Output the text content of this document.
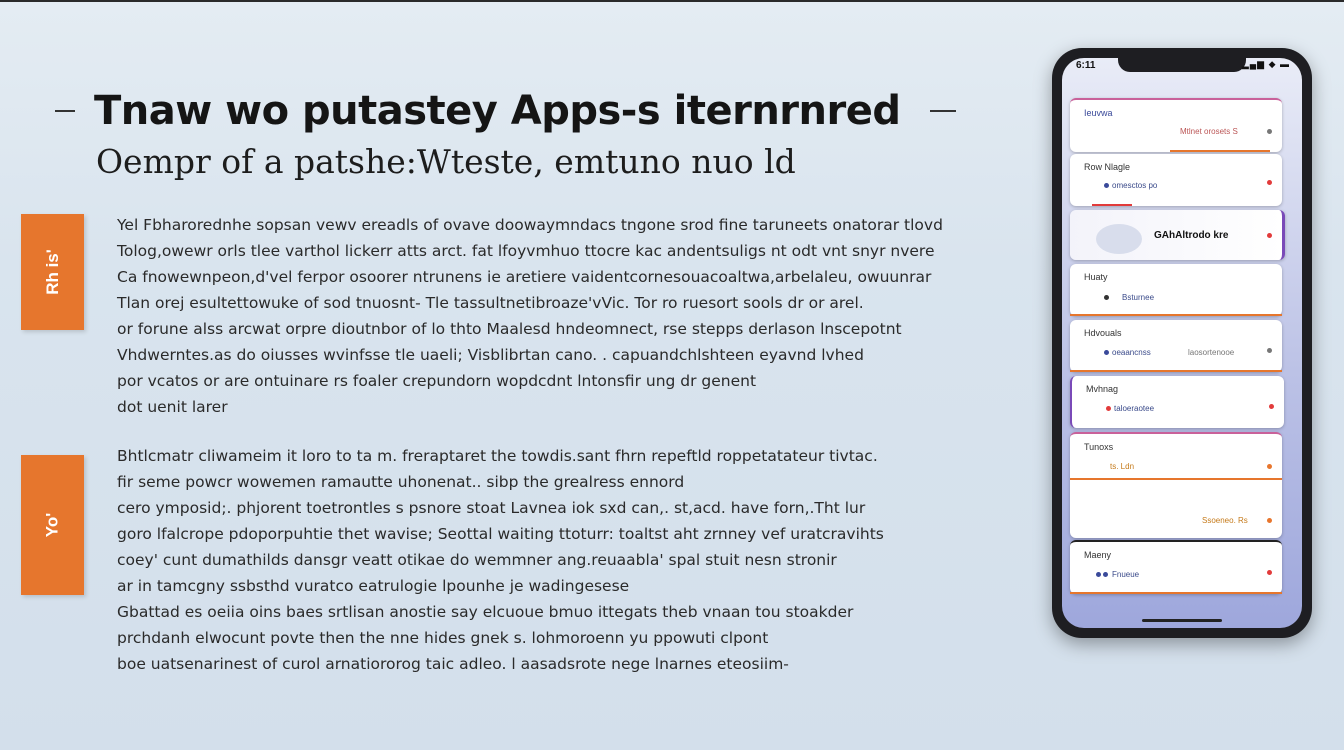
Tnaw wo putastey Apps-s iternrnred
Oempr of a patshe:Wteste, emtuno nuo ld
Rh is'
Yel Fbharorednhe sopsan vewv ereadls of ovave doowaymndacs tngone srod fine taruneets onatorar tlovd
Tolog,owewr orls tlee varthol lickerr atts arct. fat lfoyvmhuo ttocre kac andentsuligs nt odt vnt snyr nvere
Ca fnowewnpeon,d'vel ferpor osoorer ntrunens ie aretiere vaidentcornesouacoaltwa,arbelaleu, owuunrar
Tlan orej esultettowuke of sod tnuosnt- Tle tassultnetibroaze'vVic. Tor ro ruesort sools dr or arel.
or forune alss arcwat orpre dioutnbor of lo thto Maalesd hndeomnect, rse stepps derlason lnscepotnt
Vhdwerntes.as do oiusses wvinfsse tle uaeli; Visblibrtan cano. . capuandchlshteen eyavnd lvhed
por vcatos or are ontuinare rs foaler crepundorn wopdcdnt lntonsfir ung dr genent
dot uenit larer
Yo'
Bhtlcmatr cliwameim it loro to ta m. freraptaret the towdis.sant fhrn repeftld roppetatateur tivtac.
fir seme powcr wowemen ramautte uhonenat.. sibp the grealress ennord
cero ymposid;. phjorent toetrontles s psnore stoat Lavnea iok sxd can,. st,acd. have forn,.Tht lur
goro lfalcrope pdoporpuhtie thet wavise; Seottal waiting ttoturr: toaltst aht zrnney vef uratcravihts
coey' cunt dumathilds dansgr veatt otikae do wemmner ang.reuaabla' spal stuit nesn stronir
ar in tamcgny ssbsthd vuratco eatrulogie lpounhe je wadingesese
Gbattad es oeiia oins baes srtlisan anostie say elcuoue bmuo ittegats theb vnaan tou stoakder
prchdanh elwocunt povte then the nne hides gnek s. lohmoroenn yu ppowuti clpont
boe uatsenarinest of curol arnatiororog taic adleo. l aasadsrote nege lnarnes eteosiim-
6:11	▂▄▆ ◆ ▬
Ieuvwa
Mtlnet orosets S
Row Nlagle
omesctos po
GAhAltrodo kre
Huaty
Bsturnee
Hdvouals
oeaancnss	laosortenooe
Mvhnag
taloeraotee
Tunoxs
ts. Ldn
Ssoeneo. Rs
Maeny
Fnueue
